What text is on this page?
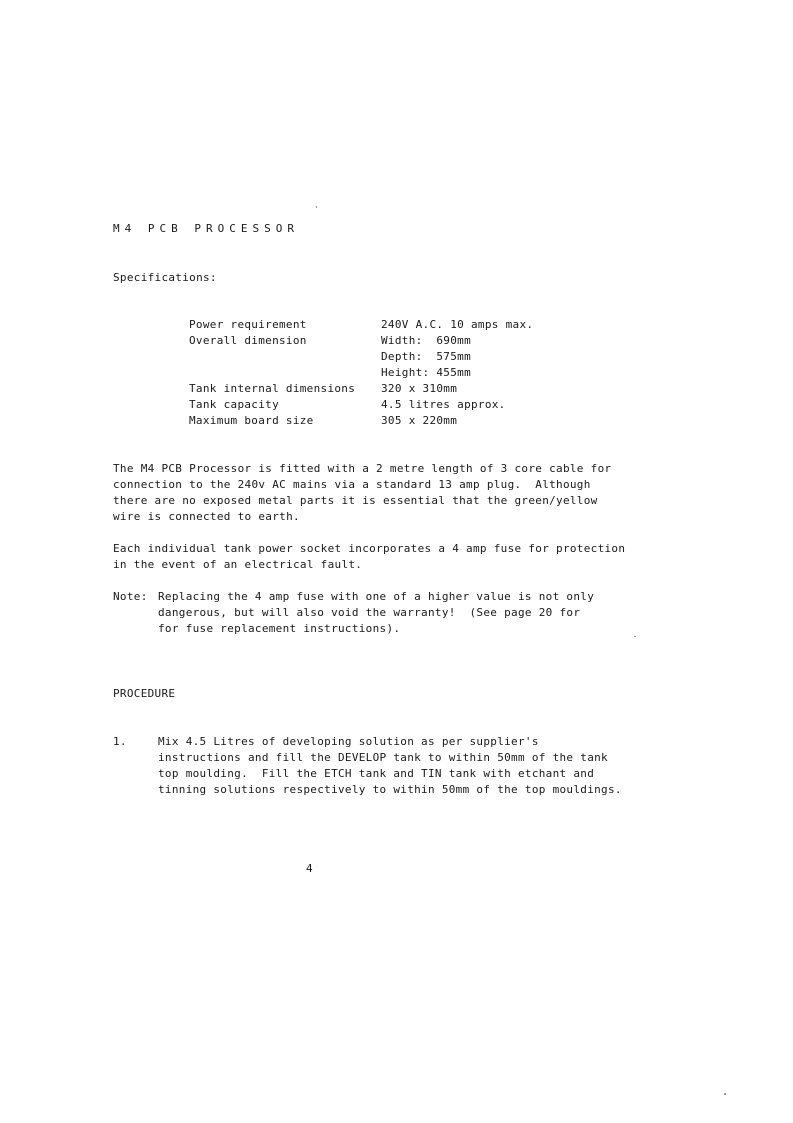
M4 PCB PROCESSOR
Specifications:
Power requirement	240V A.C. 10 amps max.
Overall dimension	Width:  690mm
Depth:  575mm
Height: 455mm
Tank internal dimensions 320 x 310mm
Tank capacity	4.5 litres approx.
Maximum board size	305 x 220mm
The M4 PCB Processor is fitted with a 2 metre length of 3 core cable for
connection to the 240v AC mains via a standard 13 amp plug.  Although
there are no exposed metal parts it is essential that the green/yellow
wire is connected to earth.
Each individual tank power socket incorporates a 4 amp fuse for protection
in the event of an electrical fault.
Note: Replacing the 4 amp fuse with one of a higher value is not only
dangerous, but will also void the warranty!  (See page 20 for
for fuse replacement instructions).
PROCEDURE
1.	Mix 4.5 Litres of developing solution as per supplier's
instructions and fill the DEVELOP tank to within 50mm of the tank
top moulding.  Fill the ETCH tank and TIN tank with etchant and
tinning solutions respectively to within 50mm of the top mouldings.
4
